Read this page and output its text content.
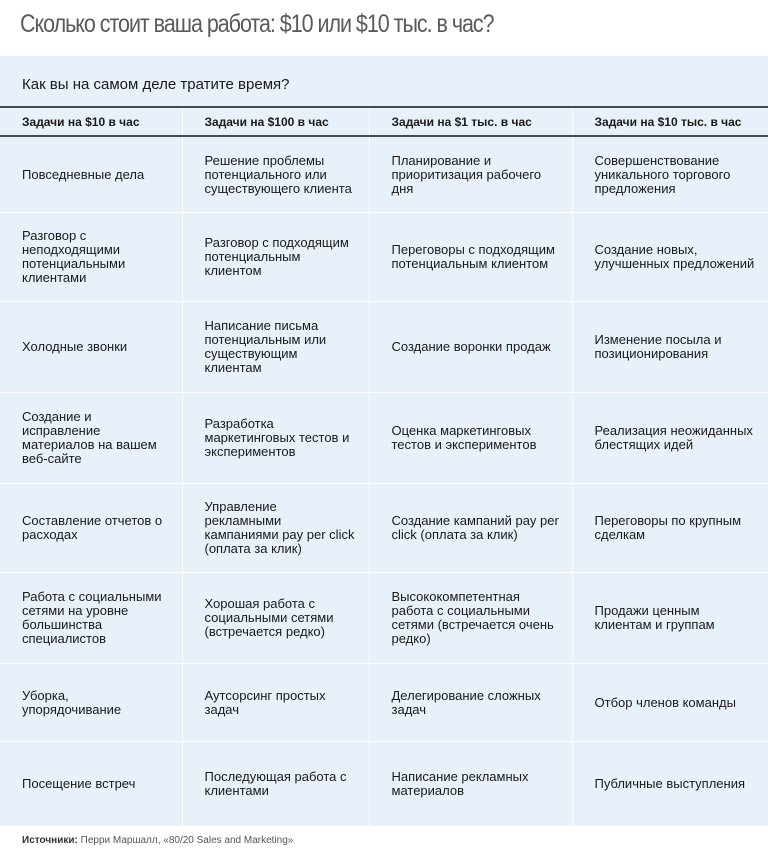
Сколько стоит ваша работа: $10 или $10 тыс. в час?
Как вы на самом деле тратите время?
Задачи на $10 в час	Задачи на $100 в час	Задачи на $1 тыс. в час	Задачи на $10 тыс. в час
Повседневные дела	Решение проблемы потенциального или существующего клиента	Планирование и приоритизация рабочего дня	Совершенствование уникального торгового предложения
Разговор с неподходящими потенциальными клиентами	Разговор с подходящим потенциальным клиентом	Переговоры с подходящим потенциальным клиентом	Создание новых, улучшенных предложений
Холодные звонки	Написание письма потенциальным или существующим клиентам	Создание воронки продаж	Изменение посыла и позиционирования
Создание и исправление материалов на вашем веб-сайте	Разработка маркетинговых тестов и экспериментов	Оценка маркетинговых тестов и экспериментов	Реализация неожиданных блестящих идей
Составление отчетов о расходах	Управление рекламными кампаниями pay per click (оплата за клик)	Создание кампаний pay per click (оплата за клик)	Переговоры по крупным сделкам
Работа с социальными сетями на уровне большинства специалистов	Хорошая работа с социальными сетями (встречается редко)	Высококомпетентная работа с социальными сетями (встречается очень редко)	Продажи ценным клиентам и группам
Уборка, упорядочивание	Аутсорсинг простых задач	Делегирование сложных задач	Отбор членов команды
Посещение встреч	Последующая работа с клиентами	Написание рекламных материалов	Публичные выступления
Источники: Перри Маршалл, «80/20 Sales and Marketing»
